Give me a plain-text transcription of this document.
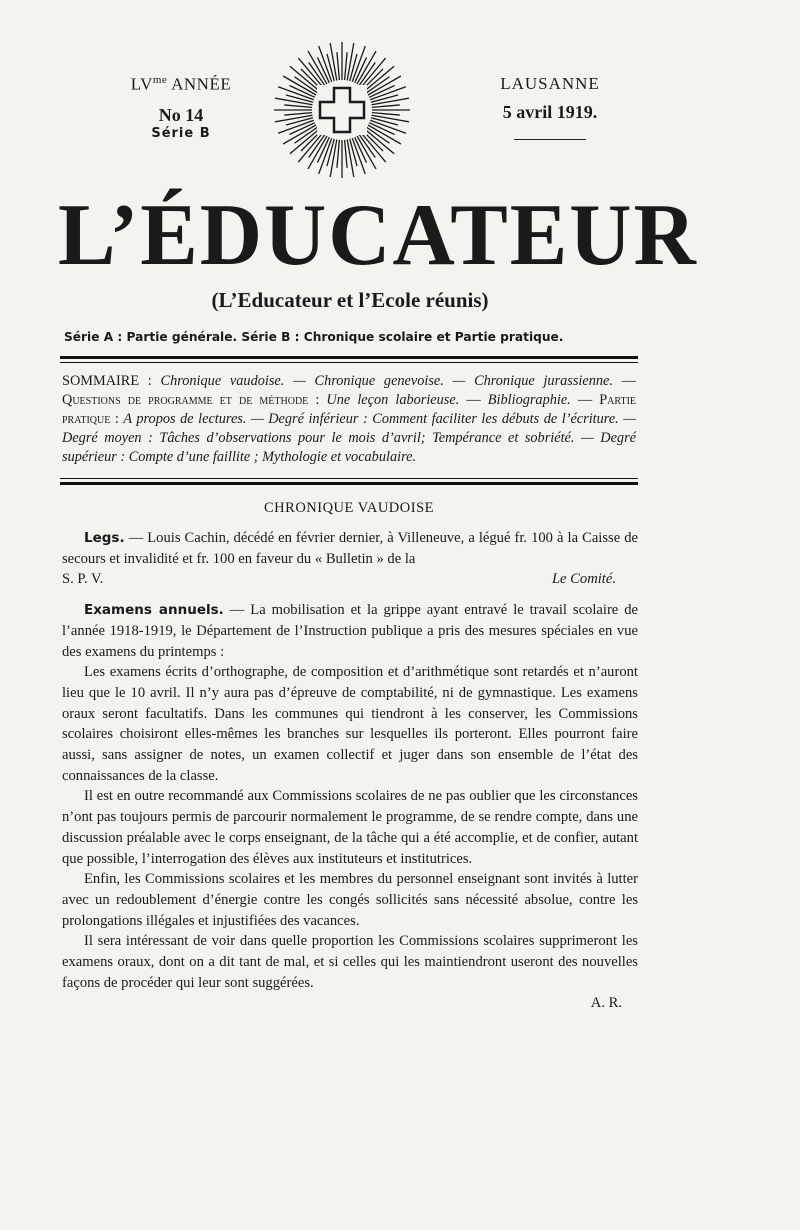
$LV^{me}$ ANNÉE
No 14
Série B
LAUSANNE
5 avril 1919.
L’ÉDUCATEUR
(L’Educateur et l’Ecole réunis)
Série A : Partie générale. Série B : Chronique scolaire et Partie pratique.
SOMMAIRE : Chronique vaudoise. — Chronique genevoise. — Chronique jurassienne. — Questions de programme et de méthode : Une leçon laborieuse. — Bibliographie. — Partie pratique : A propos de lectures. — Degré inférieur : Comment faciliter les débuts de l’écriture. — Degré moyen : Tâches d’observations pour le mois d’avril; Tempérance et sobriété. — Degré supérieur : Compte d’une faillite ; Mythologie et vocabulaire.
CHRONIQUE VAUDOISE

Legs. — Louis Cachin, décédé en février dernier, à Villeneuve, a légué fr. 100 à la Caisse de secours et invalidité et fr. 100 en faveur du « Bulletin » de la

S. P. V.	Le Comité.

Examens annuels. — La mobilisation et la grippe ayant entravé le travail scolaire de l’année 1918-1919, le Département de l’Instruction publique a pris des mesures spéciales en vue des examens du printemps :

Les examens écrits d’orthographe, de composition et d’arithmétique sont retardés et n’auront lieu que le 10 avril. Il n’y aura pas d’épreuve de comptabilité, ni de gymnastique. Les examens oraux seront facultatifs. Dans les communes qui tiendront à les conserver, les Commissions scolaires choisiront elles-mêmes les branches sur lesquelles ils porteront. Elles pourront faire aussi, sans assigner de notes, un examen collectif et juger dans son ensemble de l’état des connaissances de la classe.

Il est en outre recommandé aux Commissions scolaires de ne pas oublier que les circonstances n’ont pas toujours permis de parcourir normalement le programme, de se rendre compte, dans une discussion préalable avec le corps enseignant, de la tâche qui a été accomplie, et de confier, autant que possible, l’interrogation des élèves aux instituteurs et institutrices.

Enfin, les Commissions scolaires et les membres du personnel enseignant sont invités à lutter avec un redoublement d’énergie contre les congés sollicités sans nécessité absolue, contre les prolongations illégales et injustifiées des vacances.

Il sera intéressant de voir dans quelle proportion les Commissions scolaires supprimeront les examens oraux, dont on a dit tant de mal, et si celles qui les maintiendront useront des nouvelles façons de procéder qui leur sont suggérées.

A. R.
